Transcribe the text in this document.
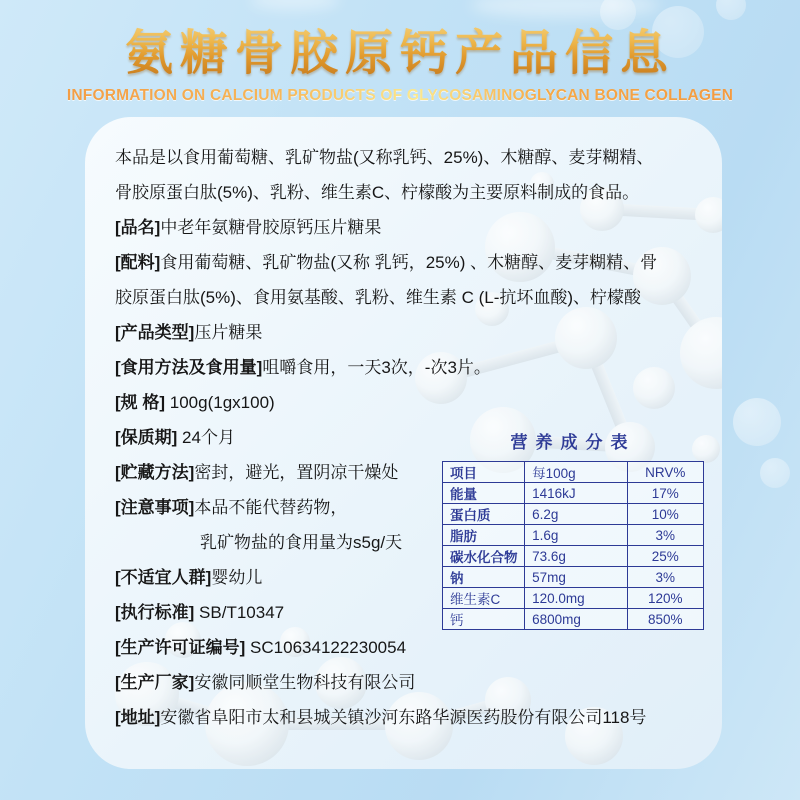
氨糖骨胶原钙产品信息
INFORMATION ON CALCIUM PRODUCTS OF GLYCOSAMINOGLYCAN BONE COLLAGEN
本品是以食用葡萄糖、乳矿物盐(又称乳钙、25%)、木糖醇、麦芽糊精、
骨胶原蛋白肽(5%)、乳粉、维生素C、柠檬酸为主要原料制成的食品。
[品名]中老年氨糖骨胶原钙压片糖果
[配料]食用葡萄糖、乳矿物盐(又称 乳钙，25%) 、木糖醇、麦芽糊精、骨
胶原蛋白肽(5%)、食用氨基酸、乳粉、维生素 C (L-抗坏血酸)、柠檬酸
[产品类型]压片糖果
[食用方法及食用量]咀嚼食用，一天3次，-次3片。
[规 格] 100g(1gx100)
[保质期] 24个月
[贮藏方法]密封，避光，置阴凉干燥处
[注意事项]本品不能代替药物，
乳矿物盐的食用量为s5g/天
[不适宜人群]婴幼儿
[执行标准] SB/T10347
[生产许可证编号] SC10634122230054
[生产厂家]安徽同顺堂生物科技有限公司
[地址]安徽省阜阳市太和县城关镇沙河东路华源医药股份有限公司118号
营养成分表
项目	每100g	NRV%
能量	1416kJ	17%
蛋白质	6.2g	10%
脂肪	1.6g	3%
碳水化合物	73.6g	25%
钠	57mg	3%
维生素C	120.0mg	120%
钙	6800mg	850%
